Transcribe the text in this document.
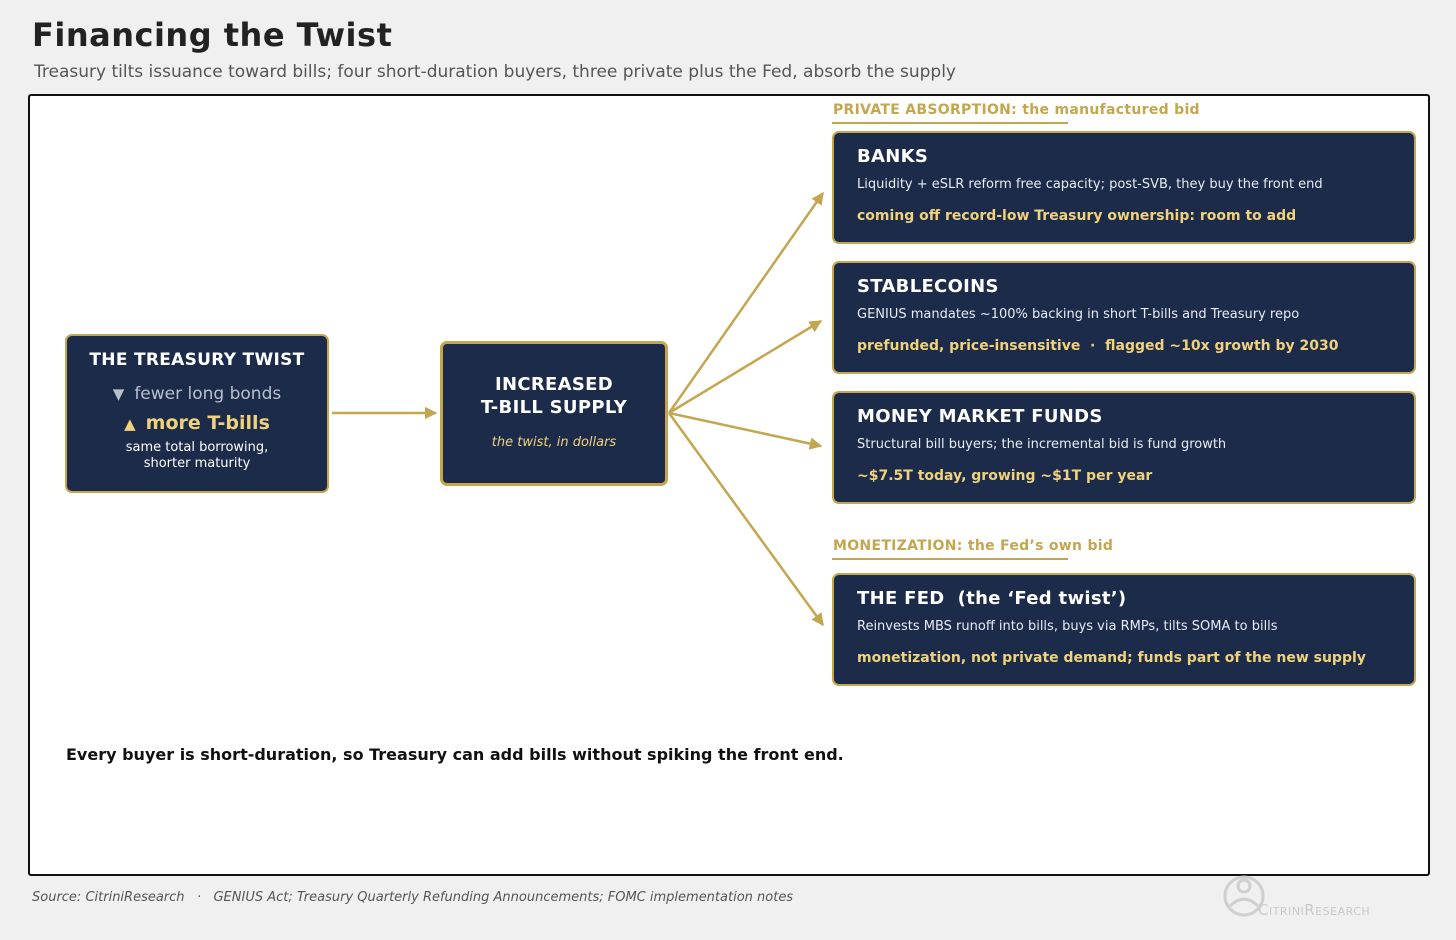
Financing the Twist
Treasury tilts issuance toward bills; four short-duration buyers, three private plus the Fed, absorb the supply
THE TREASURY TWIST
▼ fewer long bonds
▲ more T-bills
same total borrowing,
shorter maturity
INCREASED
T-BILL SUPPLY
the twist, in dollars
PRIVATE ABSORPTION: the manufactured bid
BANKS
Liquidity + eSLR reform free capacity; post-SVB, they buy the front end
coming off record-low Treasury ownership: room to add
STABLECOINS
GENIUS mandates ~100% backing in short T-bills and Treasury repo
prefunded, price-insensitive  ·  flagged ~10x growth by 2030
MONEY MARKET FUNDS
Structural bill buyers; the incremental bid is fund growth
~$7.5T today, growing ~$1T per year
MONETIZATION: the Fed’s own bid
THE FED  (the ‘Fed twist’)
Reinvests MBS runoff into bills, buys via RMPs, tilts SOMA to bills
monetization, not private demand; funds part of the new supply
Every buyer is short-duration, so Treasury can add bills without spiking the front end.
Source: CitriniResearch   ·   GENIUS Act; Treasury Quarterly Refunding Announcements; FOMC implementation notes
CitriniResearch
